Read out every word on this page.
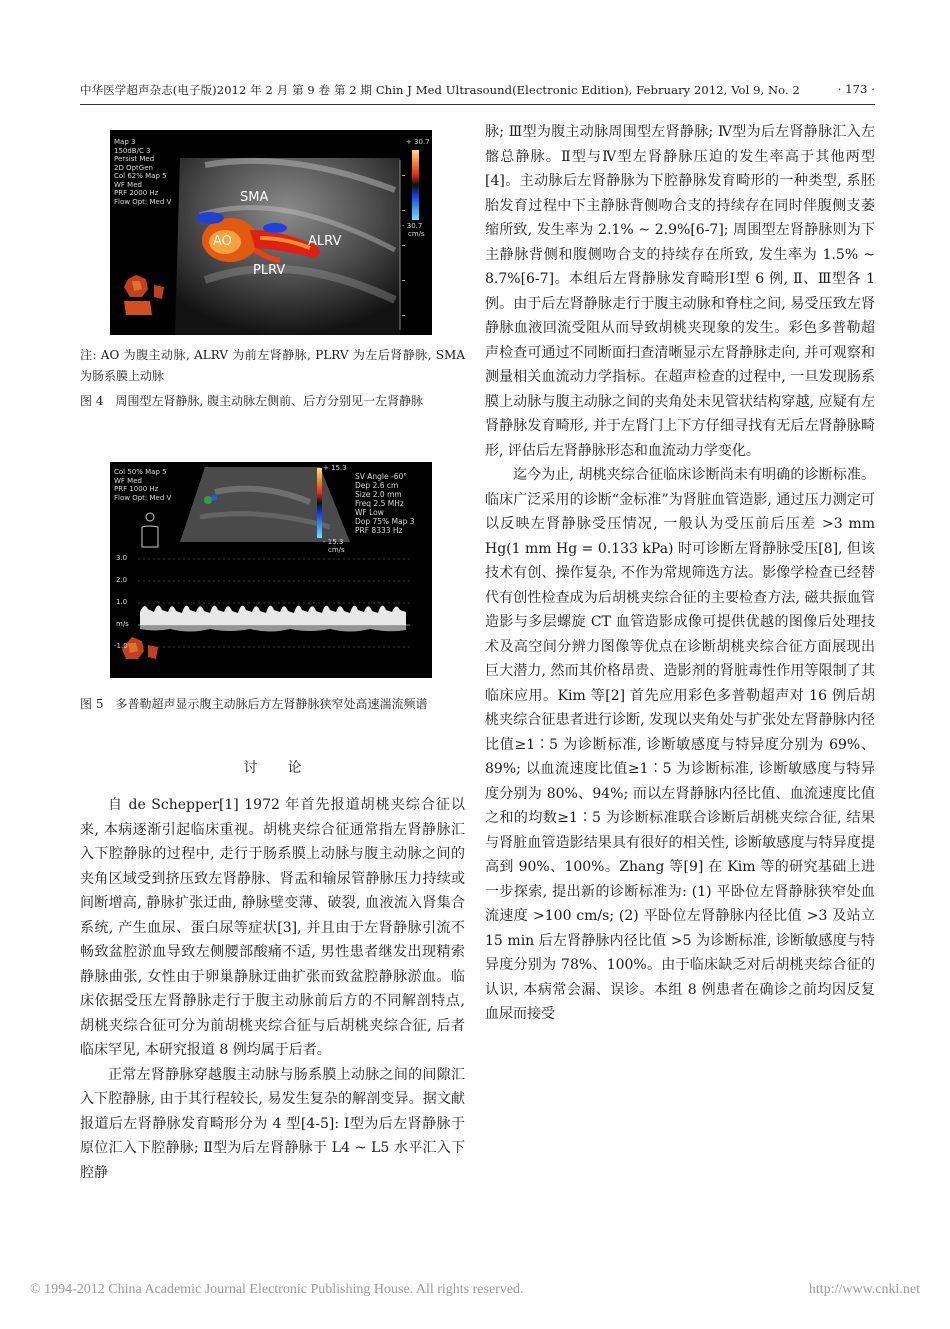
中华医学超声杂志(电子版)2012 年 2 月 第 9 卷 第 2 期 Chin J Med Ultrasound(Electronic Edition), February 2012, Vol 9, No. 2	· 173 ·
Map 3
150dB/C 3
Persist Med
2D OptGen
Col 62% Map 5
WF Med
PRF 2000 Hz
Flow Opt: Med V
+ 30.7
- 30.7
cm/s
SMA
AO	ALRV
PLRV
注: AO 为腹主动脉, ALRV 为前左肾静脉, PLRV 为左后肾静脉, SMA 为肠系膜上动脉
图 4　周围型左肾静脉, 腹主动脉左侧前、后方分别见一左肾静脉
Col 50% Map 5
WF Med
PRF 1000 Hz
Flow Opt: Med V
SV Angle -60°
Dep 2.6 cm
Size 2.0 mm
Freq 2.5 MHz
WF Low
Dop 75% Map 3
PRF 8333 Hz
+ 15.3
- 15.3
cm/s
3.0
2.0
1.0
m/s
-1.0
图 5　多普勒超声显示腹主动脉后方左肾静脉狭窄处高速湍流频谱
讨论

自 de Schepper[1] 1972 年首先报道胡桃夹综合征以来, 本病逐渐引起临床重视。胡桃夹综合征通常指左肾静脉汇入下腔静脉的过程中, 走行于肠系膜上动脉与腹主动脉之间的夹角区域受到挤压致左肾静脉、肾盂和输尿管静脉压力持续或间断增高, 静脉扩张迂曲, 静脉壁变薄、破裂, 血液流入肾集合系统, 产生血尿、蛋白尿等症状[3], 并且由于左肾静脉引流不畅致盆腔淤血导致左侧腰部酸痛不适, 男性患者继发出现精索静脉曲张, 女性由于卵巢静脉迂曲扩张而致盆腔静脉淤血。临床依据受压左肾静脉走行于腹主动脉前后方的不同解剖特点, 胡桃夹综合征可分为前胡桃夹综合征与后胡桃夹综合征, 后者临床罕见, 本研究报道 8 例均属于后者。

正常左肾静脉穿越腹主动脉与肠系膜上动脉之间的间隙汇入下腔静脉, 由于其行程较长, 易发生复杂的解剖变异。据文献报道后左肾静脉发育畸形分为 4 型[4-5]: Ⅰ型为后左肾静脉于原位汇入下腔静脉; Ⅱ型为后左肾静脉于 L4 ~ L5 水平汇入下腔静

脉; Ⅲ型为腹主动脉周围型左肾静脉; Ⅳ型为后左肾静脉汇入左髂总静脉。Ⅱ型与Ⅳ型左肾静脉压迫的发生率高于其他两型[4]。主动脉后左肾静脉为下腔静脉发育畸形的一种类型, 系胚胎发育过程中下主静脉背侧吻合支的持续存在同时伴腹侧支萎缩所致, 发生率为 2.1% ~ 2.9%[6-7]; 周围型左肾静脉则为下主静脉背侧和腹侧吻合支的持续存在所致, 发生率为 1.5% ~ 8.7%[6-7]。本组后左肾静脉发育畸形Ⅰ型 6 例, Ⅱ、Ⅲ型各 1 例。由于后左肾静脉走行于腹主动脉和脊柱之间, 易受压致左肾静脉血液回流受阻从而导致胡桃夹现象的发生。彩色多普勒超声检查可通过不同断面扫查清晰显示左肾静脉走向, 并可观察和测量相关血流动力学指标。在超声检查的过程中, 一旦发现肠系膜上动脉与腹主动脉之间的夹角处未见管状结构穿越, 应疑有左肾静脉发育畸形, 并于左肾门上下方仔细寻找有无后左肾静脉畸形, 评估后左肾静脉形态和血流动力学变化。

迄今为止, 胡桃夹综合征临床诊断尚未有明确的诊断标准。临床广泛采用的诊断“金标准”为肾脏血管造影, 通过压力测定可以反映左肾静脉受压情况, 一般认为受压前后压差 >3 mm Hg(1 mm Hg = 0.133 kPa) 时可诊断左肾静脉受压[8], 但该技术有创、操作复杂, 不作为常规筛选方法。影像学检查已经替代有创性检查成为后胡桃夹综合征的主要检查方法, 磁共振血管造影与多层螺旋 CT 血管造影成像可提供优越的图像后处理技术及高空间分辨力图像等优点在诊断胡桃夹综合征方面展现出巨大潜力, 然而其价格昂贵、造影剂的肾脏毒性作用等限制了其临床应用。Kim 等[2] 首先应用彩色多普勒超声对 16 例后胡桃夹综合征患者进行诊断, 发现以夹角处与扩张处左肾静脉内径比值≥1∶5 为诊断标准, 诊断敏感度与特异度分别为 69%、89%; 以血流速度比值≥1∶5 为诊断标准, 诊断敏感度与特异度分别为 80%、94%; 而以左肾静脉内径比值、血流速度比值之和的均数≥1∶5 为诊断标准联合诊断后胡桃夹综合征, 结果与肾脏血管造影结果具有很好的相关性, 诊断敏感度与特异度提高到 90%、100%。Zhang 等[9] 在 Kim 等的研究基础上进一步探索, 提出新的诊断标准为: (1) 平卧位左肾静脉狭窄处血流速度 >100 cm/s; (2) 平卧位左肾静脉内径比值 >3 及站立 15 min 后左肾静脉内径比值 >5 为诊断标准, 诊断敏感度与特异度分别为 78%、100%。由于临床缺乏对后胡桃夹综合征的认识, 本病常会漏、误诊。本组 8 例患者在确诊之前均因反复血尿而接受

© 1994-2012 China Academic Journal Electronic Publishing House. All rights reserved.	http://www.cnki.net
